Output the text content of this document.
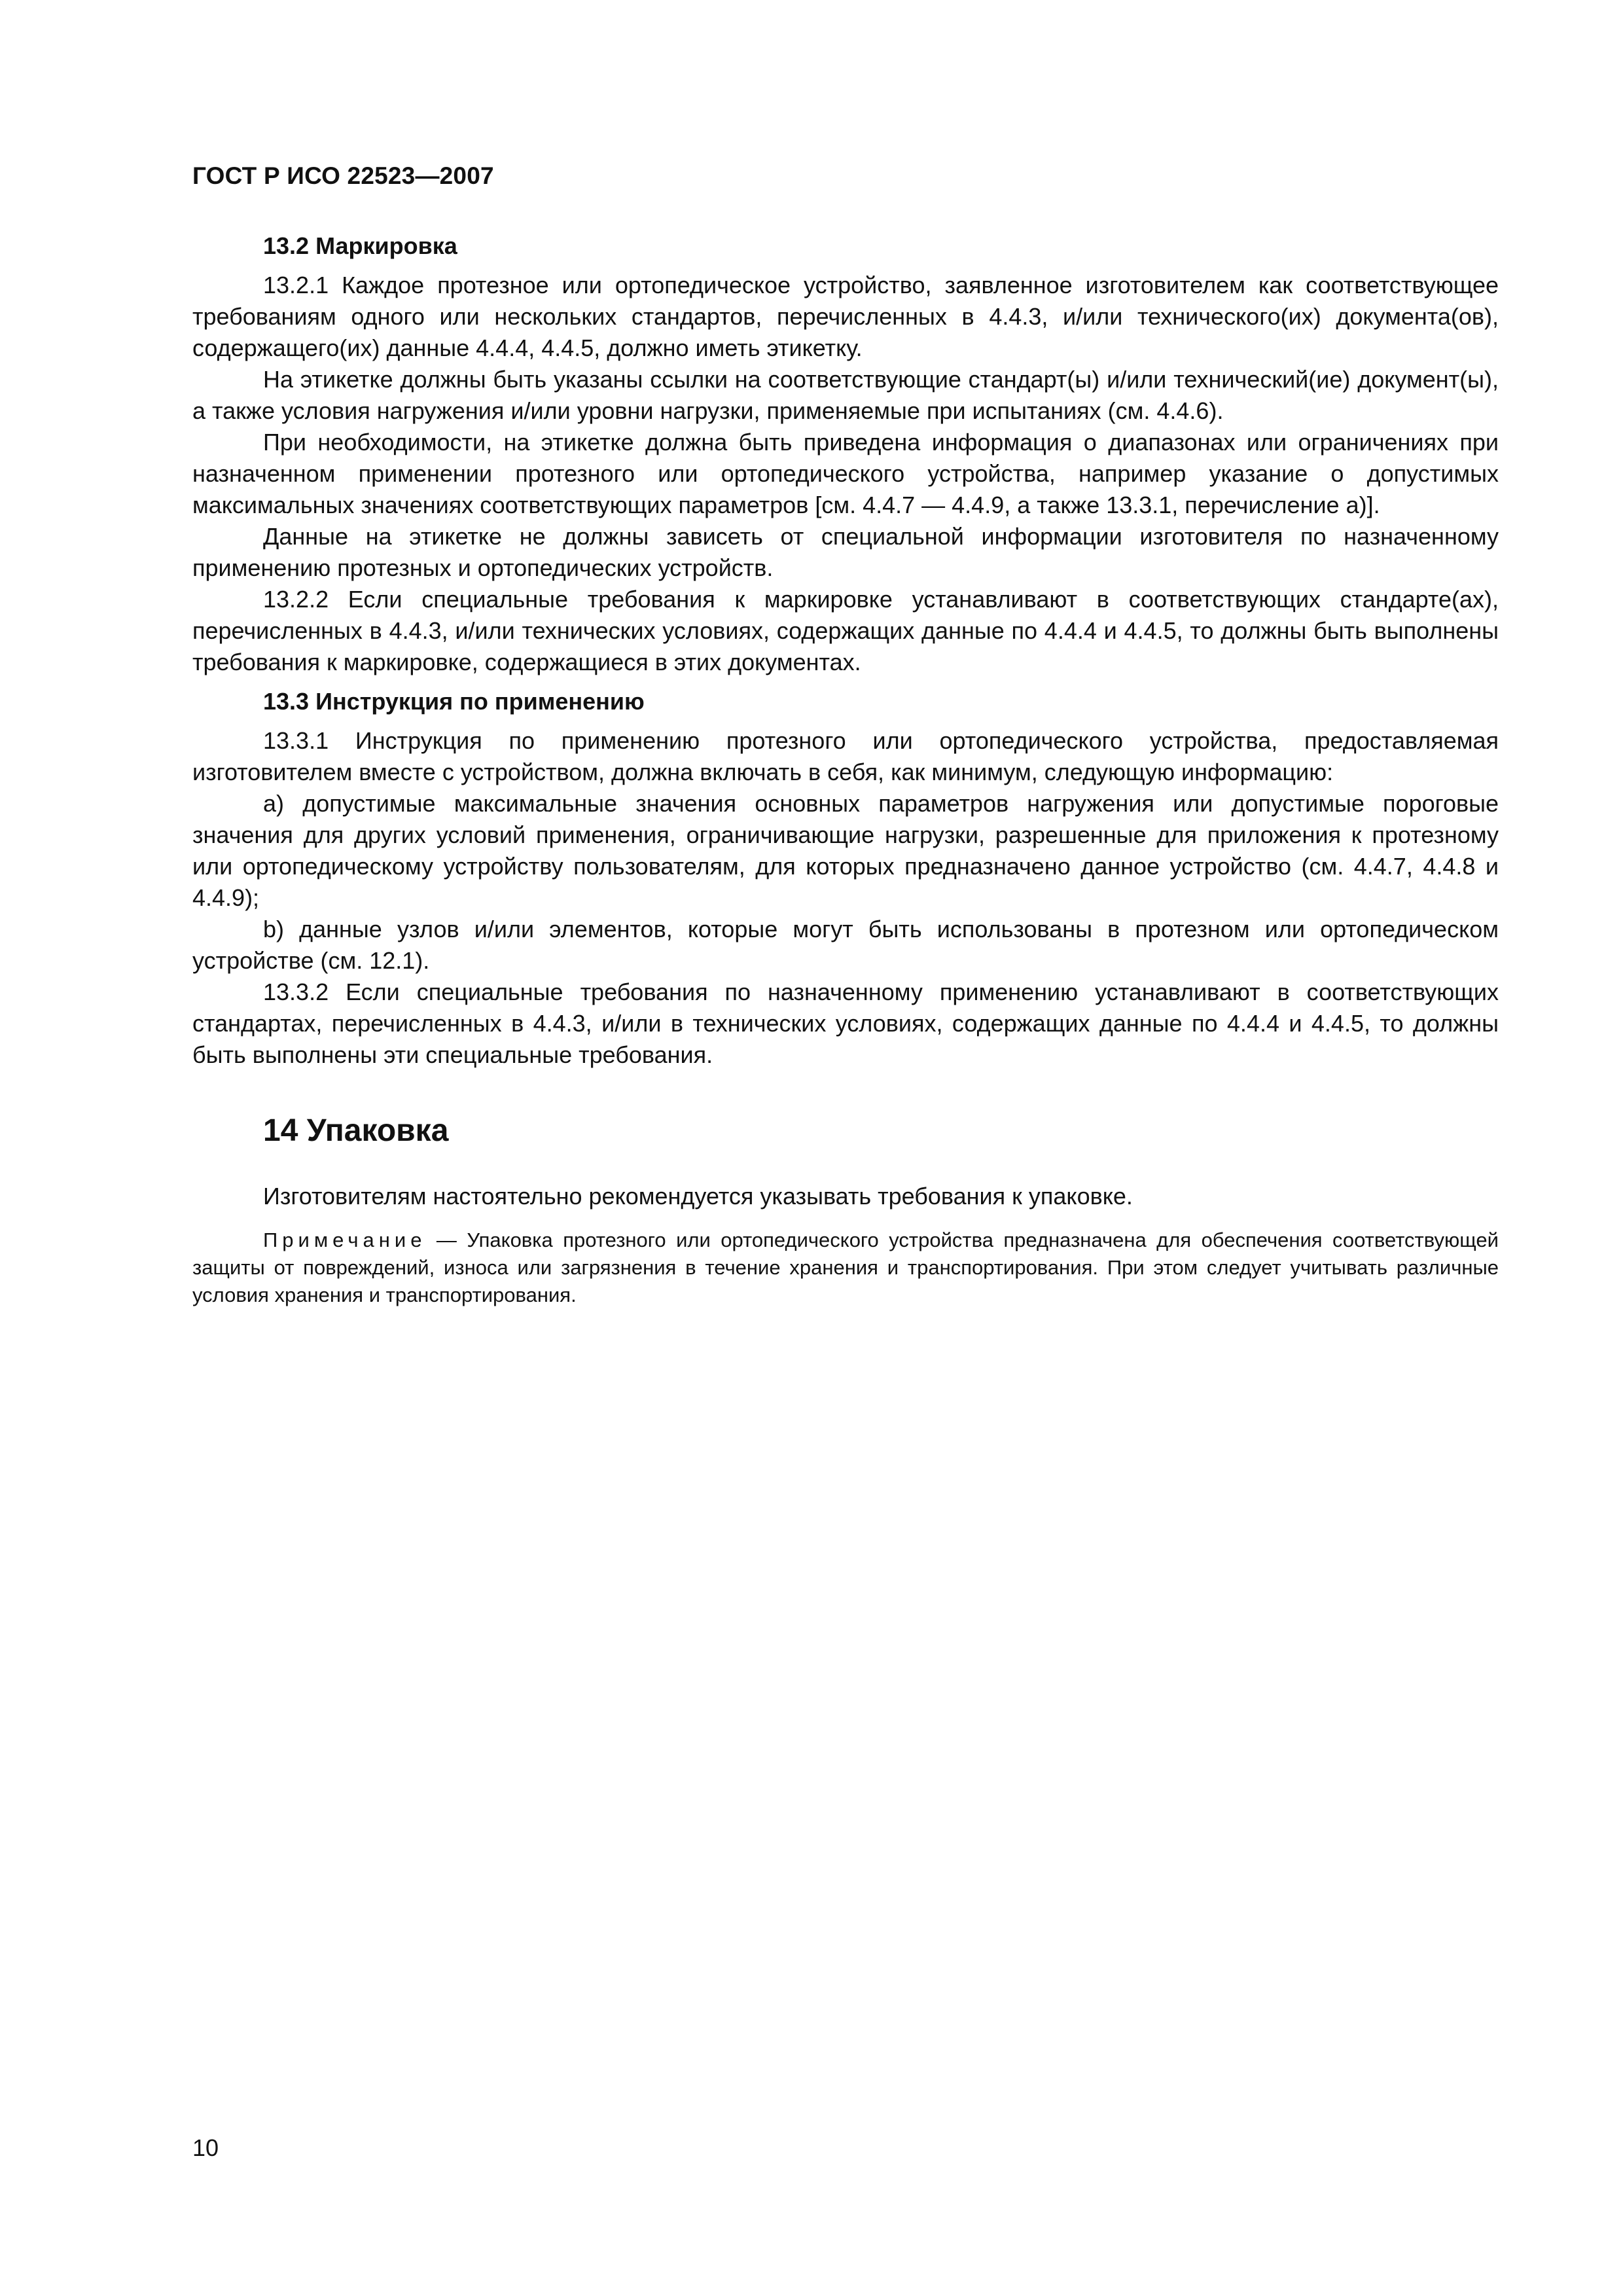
ГОСТ Р ИСО 22523—2007
13.2 Маркировка

13.2.1 Каждое протезное или ортопедическое устройство, заявленное изготовителем как соответствующее требованиям одного или нескольких стандартов, перечисленных в 4.4.3, и/или технического(их) документа(ов), содержащего(их) данные 4.4.4, 4.4.5, должно иметь этикетку.

На этикетке должны быть указаны ссылки на соответствующие стандарт(ы) и/или технический(ие) документ(ы), а также условия нагружения и/или уровни нагрузки, применяемые при испытаниях (см. 4.4.6).

При необходимости, на этикетке должна быть приведена информация о диапазонах или ограничениях при назначенном применении протезного или ортопедического устройства, например указание о допустимых максимальных значениях соответствующих параметров [см. 4.4.7 — 4.4.9, а также 13.3.1, перечисление а)].

Данные на этикетке не должны зависеть от специальной информации изготовителя по назначенному применению протезных и ортопедических устройств.

13.2.2 Если специальные требования к маркировке устанавливают в соответствующих стандарте(ах), перечисленных в 4.4.3, и/или технических условиях, содержащих данные по 4.4.4 и 4.4.5, то должны быть выполнены требования к маркировке, содержащиеся в этих документах.

13.3 Инструкция по применению

13.3.1 Инструкция по применению протезного или ортопедического устройства, предоставляемая изготовителем вместе с устройством, должна включать в себя, как минимум, следующую информацию:

а) допустимые максимальные значения основных параметров нагружения или допустимые пороговые значения для других условий применения, ограничивающие нагрузки, разрешенные для приложения к протезному или ортопедическому устройству пользователям, для которых предназначено данное устройство (см. 4.4.7, 4.4.8 и 4.4.9);

b) данные узлов и/или элементов, которые могут быть использованы в протезном или ортопедическом устройстве (см. 12.1).

13.3.2 Если специальные требования по назначенному применению устанавливают в соответствующих стандартах, перечисленных в 4.4.3, и/или в технических условиях, содержащих данные по 4.4.4 и 4.4.5, то должны быть выполнены эти специальные требования.

14 Упаковка

Изготовителям настоятельно рекомендуется указывать требования к упаковке.

Примечание — Упаковка протезного или ортопедического устройства предназначена для обеспечения соответствующей защиты от повреждений, износа или загрязнения в течение хранения и транспортирования. При этом следует учитывать различные условия хранения и транспортирования.

10
